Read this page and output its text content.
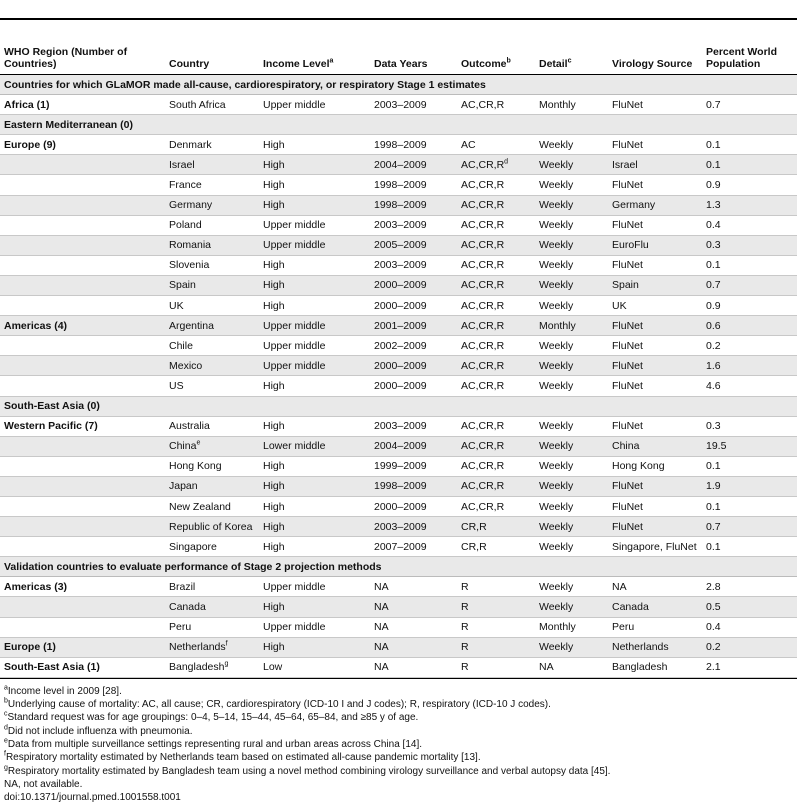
WHO Region (Number of Countries)	Country	Income Level$^a$	Data Years	Outcome$^b$	Detail$^c$	Virology Source	Percent World Population
Countries for which GLaMOR made all-cause, cardiorespiratory, or respiratory Stage 1 estimates							
Africa (1)	South Africa	Upper middle	2003–2009	AC,CR,R	Monthly	FluNet	0.7
Eastern Mediterranean (0)							
Europe (9)	Denmark	High	1998–2009	AC	Weekly	FluNet	0.1
	Israel	High	2004–2009	$AC,CR,R^d$	Weekly	Israel	0.1
	France	High	1998–2009	AC,CR,R	Weekly	FluNet	0.9
	Germany	High	1998–2009	AC,CR,R	Weekly	Germany	1.3
	Poland	Upper middle	2003–2009	AC,CR,R	Weekly	FluNet	0.4
	Romania	Upper middle	2005–2009	AC,CR,R	Weekly	EuroFlu	0.3
	Slovenia	High	2003–2009	AC,CR,R	Weekly	FluNet	0.1
	Spain	High	2000–2009	AC,CR,R	Weekly	Spain	0.7
	UK	High	2000–2009	AC,CR,R	Weekly	UK	0.9
Americas (4)	Argentina	Upper middle	2001–2009	AC,CR,R	Monthly	FluNet	0.6
	Chile	Upper middle	2002–2009	AC,CR,R	Weekly	FluNet	0.2
	Mexico	Upper middle	2000–2009	AC,CR,R	Weekly	FluNet	1.6
	US	High	2000–2009	AC,CR,R	Weekly	FluNet	4.6
South-East Asia (0)							
Western Pacific (7)	Australia	High	2003–2009	AC,CR,R	Weekly	FluNet	0.3
	China$^e$	Lower middle	2004–2009	AC,CR,R	Weekly	China	19.5
	Hong Kong	High	1999–2009	AC,CR,R	Weekly	Hong Kong	0.1
	Japan	High	1998–2009	AC,CR,R	Weekly	FluNet	1.9
	New Zealand	High	2000–2009	AC,CR,R	Weekly	FluNet	0.1
	Republic of Korea	High	2003–2009	CR,R	Weekly	FluNet	0.7
	Singapore	High	2007–2009	CR,R	Weekly	Singapore, FluNet	0.1
Validation countries to evaluate performance of Stage 2 projection methods							
Americas (3)	Brazil	Upper middle	NA	R	Weekly	NA	2.8
	Canada	High	NA	R	Weekly	Canada	0.5
	Peru	Upper middle	NA	R	Monthly	Peru	0.4
Europe (1)	Netherlands$^f$	High	NA	R	Weekly	Netherlands	0.2
South-East Asia (1)	Bangladesh$^g$	Low	NA	R	NA	Bangladesh	2.1
$^a$Income level in 2009 [28].
$^b$Underlying cause of mortality: AC, all cause; CR, cardiorespiratory (ICD-10 I and J codes); R, respiratory (ICD-10 J codes).
$^c$Standard request was for age groupings: 0–4, 5–14, 15–44, 45–64, 65–84, and ≥85 y of age.
$^d$Did not include influenza with pneumonia.
$^e$Data from multiple surveillance settings representing rural and urban areas across China [14].
$^f$Respiratory mortality estimated by Netherlands team based on estimated all-cause pandemic mortality [13].
$^g$Respiratory mortality estimated by Bangladesh team using a novel method combining virology surveillance and verbal autopsy data [45].
NA, not available.
doi:10.1371/journal.pmed.1001558.t001
